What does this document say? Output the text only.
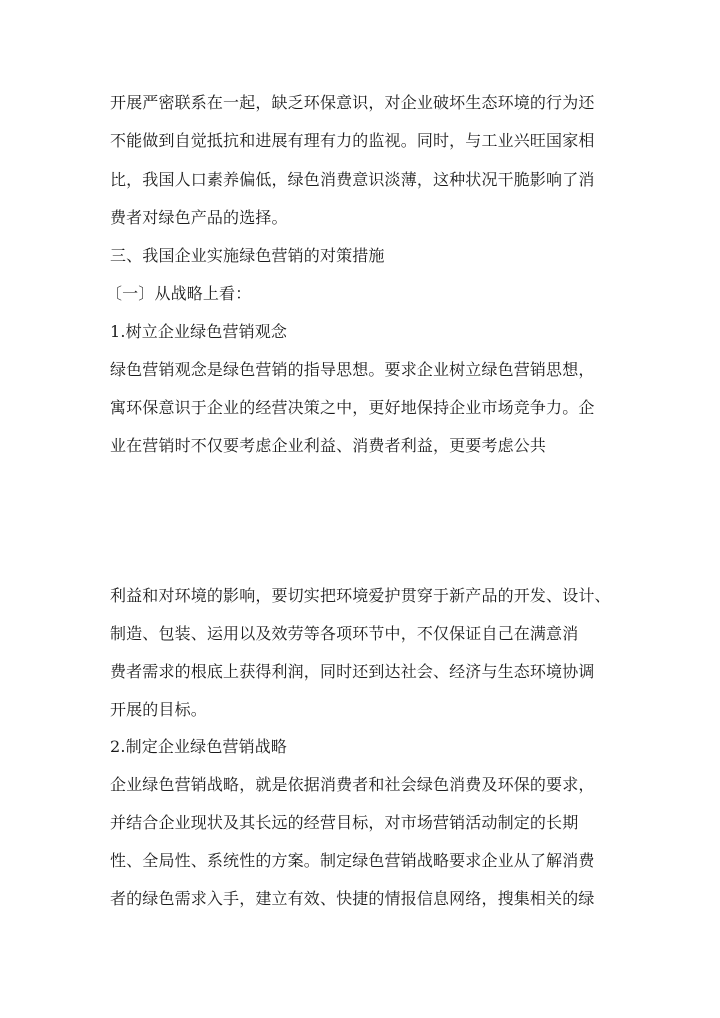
开展严密联系在一起，缺乏环保意识，对企业破坏生态环境的行为还
不能做到自觉抵抗和进展有理有力的监视。同时，与工业兴旺国家相
比，我国人口素养偏低，绿色消费意识淡薄，这种状况干脆影响了消
费者对绿色产品的选择。
三、我国企业实施绿色营销的对策措施
〔一〕从战略上看：
1.树立企业绿色营销观念
绿色营销观念是绿色营销的指导思想。要求企业树立绿色营销思想，
寓环保意识于企业的经营决策之中，更好地保持企业市场竞争力。企
业在营销时不仅要考虑企业利益、消费者利益，更要考虑公共
利益和对环境的影响，要切实把环境爱护贯穿于新产品的开发、设计、
制造、包装、运用以及效劳等各项环节中，不仅保证自己在满意消
费者需求的根底上获得利润，同时还到达社会、经济与生态环境协调
开展的目标。
2.制定企业绿色营销战略
企业绿色营销战略，就是依据消费者和社会绿色消费及环保的要求，
并结合企业现状及其长远的经营目标，对市场营销活动制定的长期
性、全局性、系统性的方案。制定绿色营销战略要求企业从了解消费
者的绿色需求入手，建立有效、快捷的情报信息网络，搜集相关的绿
